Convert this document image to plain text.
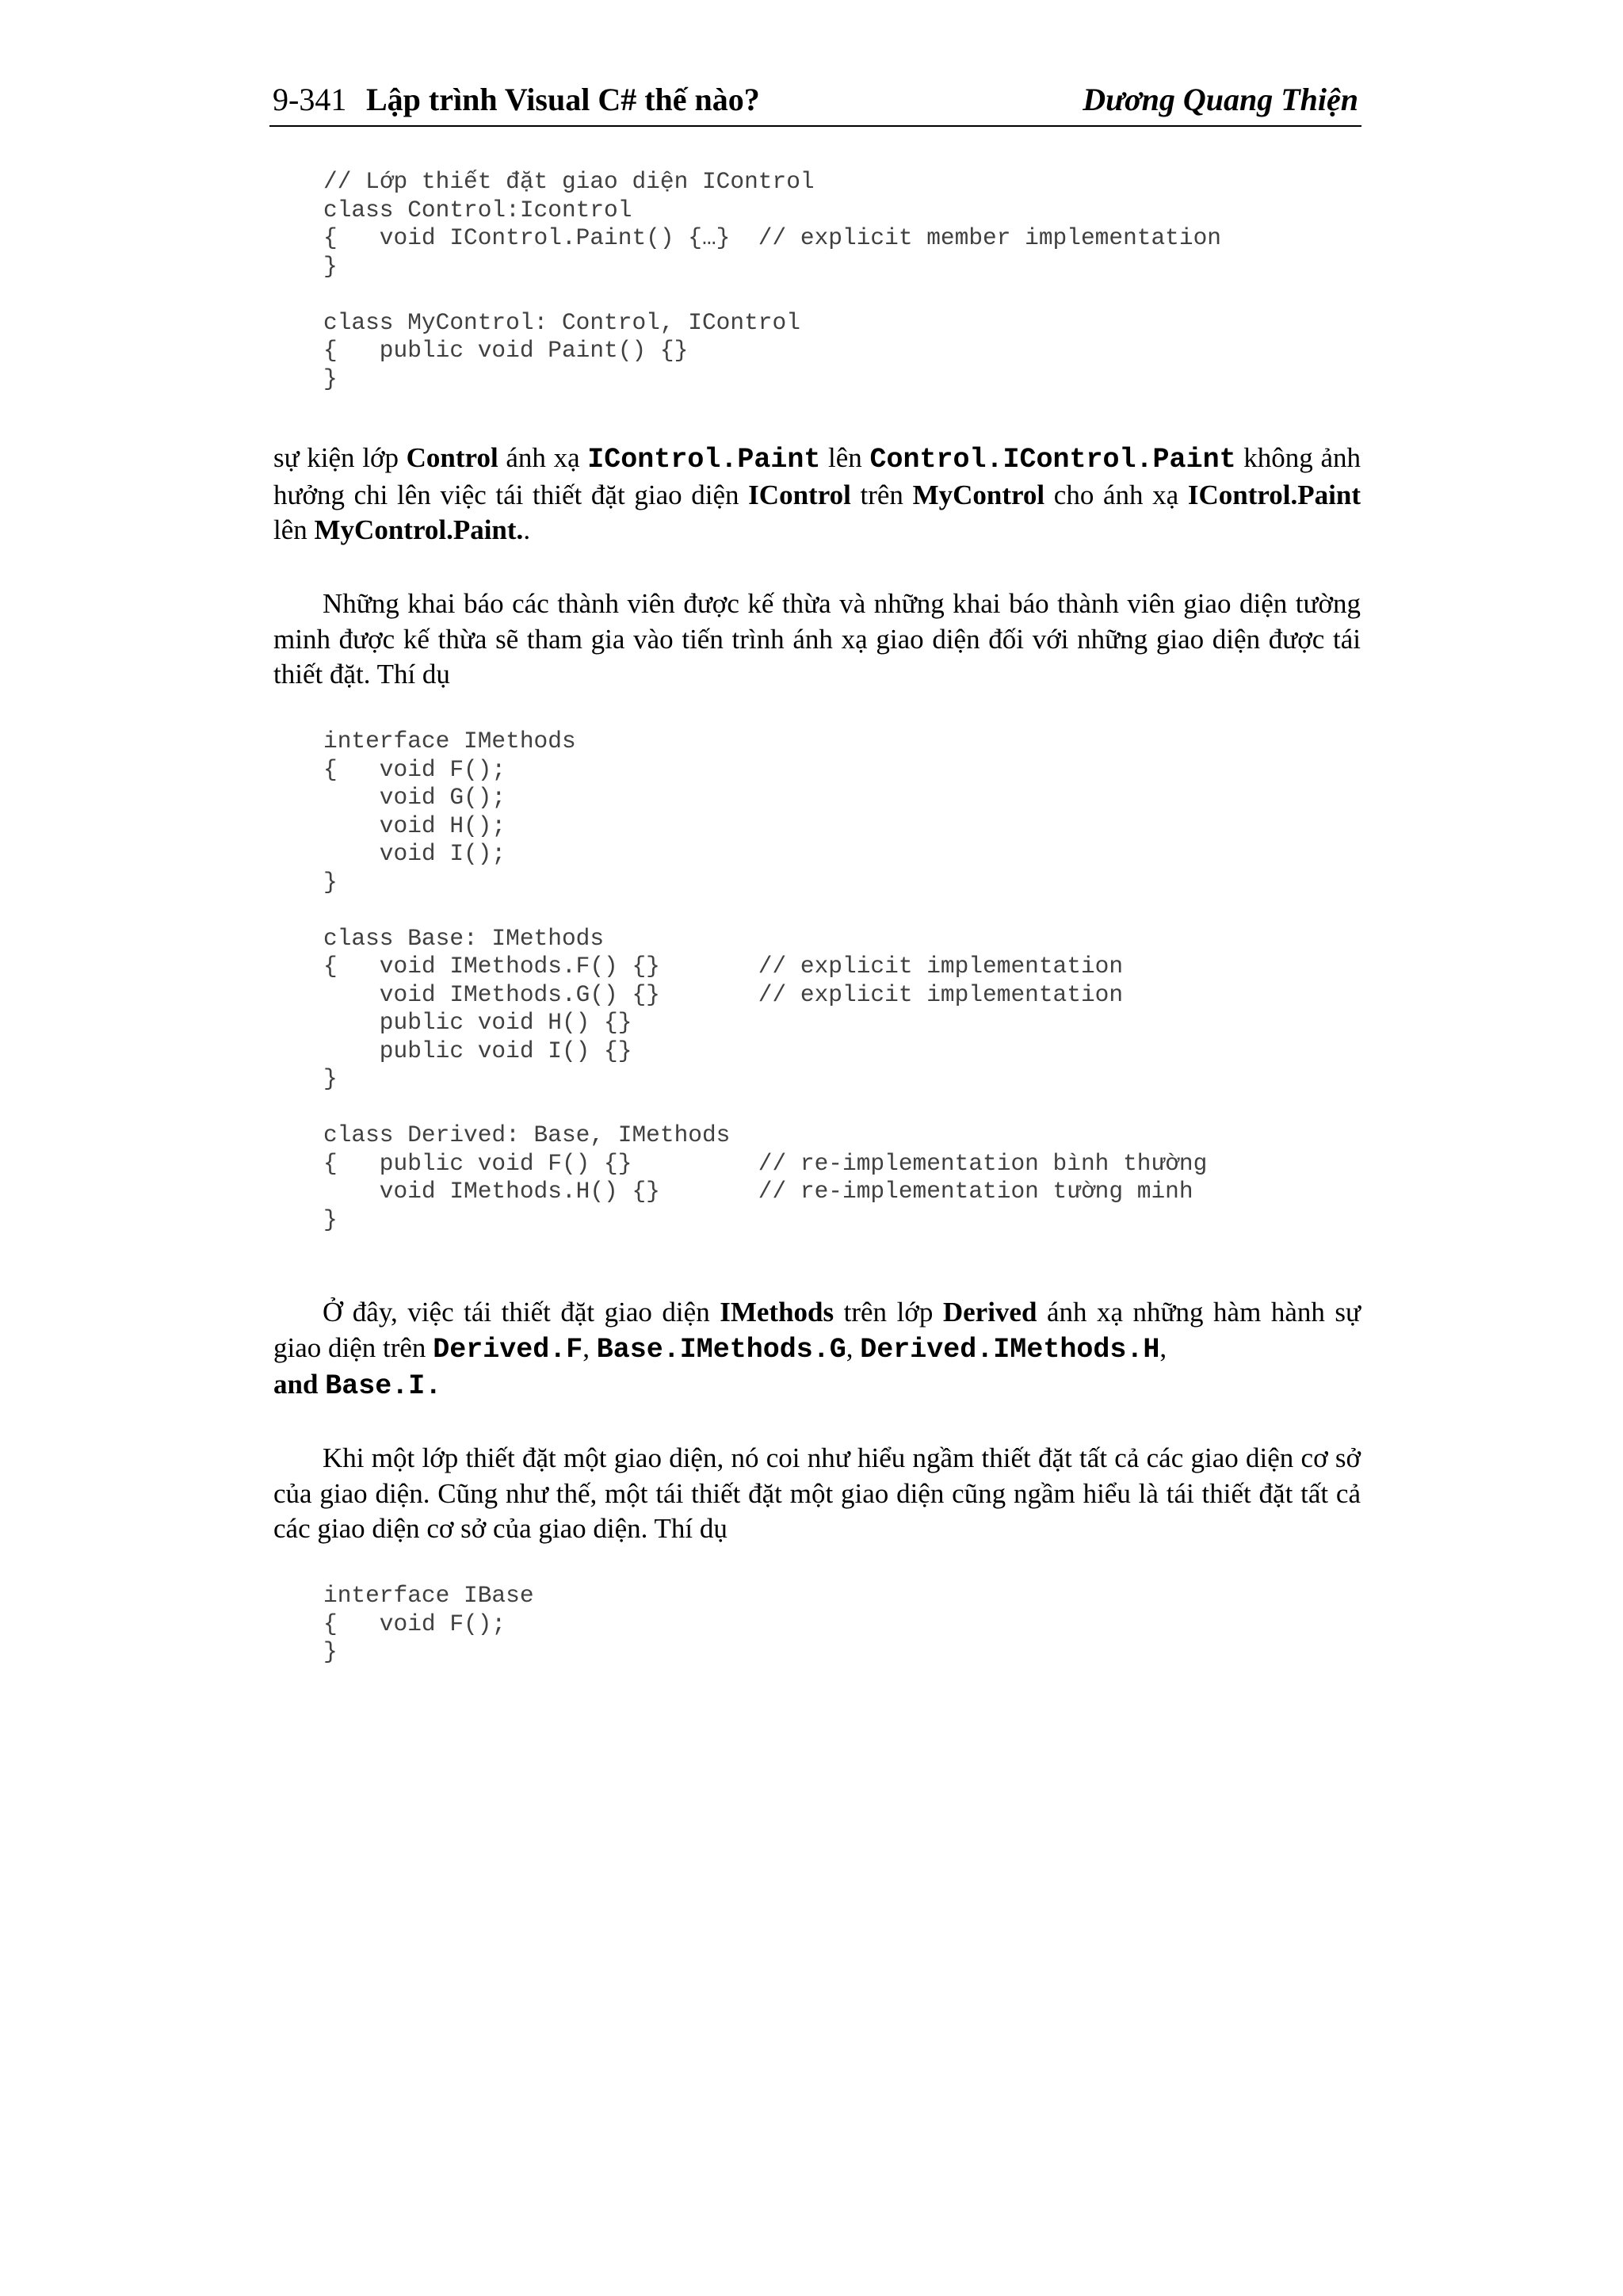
9-341 Lập trình Visual C# thế nào?	Dương Quang Thiện
// Lớp thiết đặt giao diện IControl
class Control:Icontrol
{   void IControl.Paint() {…}  // explicit member implementation
}

class MyControl: Control, IControl
{   public void Paint() {}
}

sự kiện lớp Control ánh xạ IControl.Paint lên Control.IControl.Paint không ảnh hưởng chi lên việc tái thiết đặt giao diện IControl trên MyControl cho ánh xạ IControl.Paint lên MyControl.Paint..

Những khai báo các thành viên được kế thừa và những khai báo thành viên giao diện tường minh được kế thừa sẽ tham gia vào tiến trình ánh xạ giao diện đối với những giao diện được tái thiết đặt. Thí dụ

interface IMethods
{   void F();
void G();
void H();
void I();
}

class Base: IMethods
{   void IMethods.F() {}       // explicit implementation
void IMethods.G() {}       // explicit implementation
public void H() {}
public void I() {}
}

class Derived: Base, IMethods
{   public void F() {}         // re-implementation bình thường
void IMethods.H() {}       // re-implementation tường minh
}

Ở đây, việc tái thiết đặt giao diện IMethods trên lớp Derived ánh xạ những hàm hành sự giao diện trên Derived.F, Base.IMethods.G, Derived.IMethods.H,
and Base.I.

Khi một lớp thiết đặt một giao diện, nó coi như hiểu ngầm thiết đặt tất cả các giao diện cơ sở của giao diện. Cũng như thế, một tái thiết đặt một giao diện cũng ngầm hiểu là tái thiết đặt tất cả các giao diện cơ sở của giao diện. Thí dụ

interface IBase
{   void F();
}
